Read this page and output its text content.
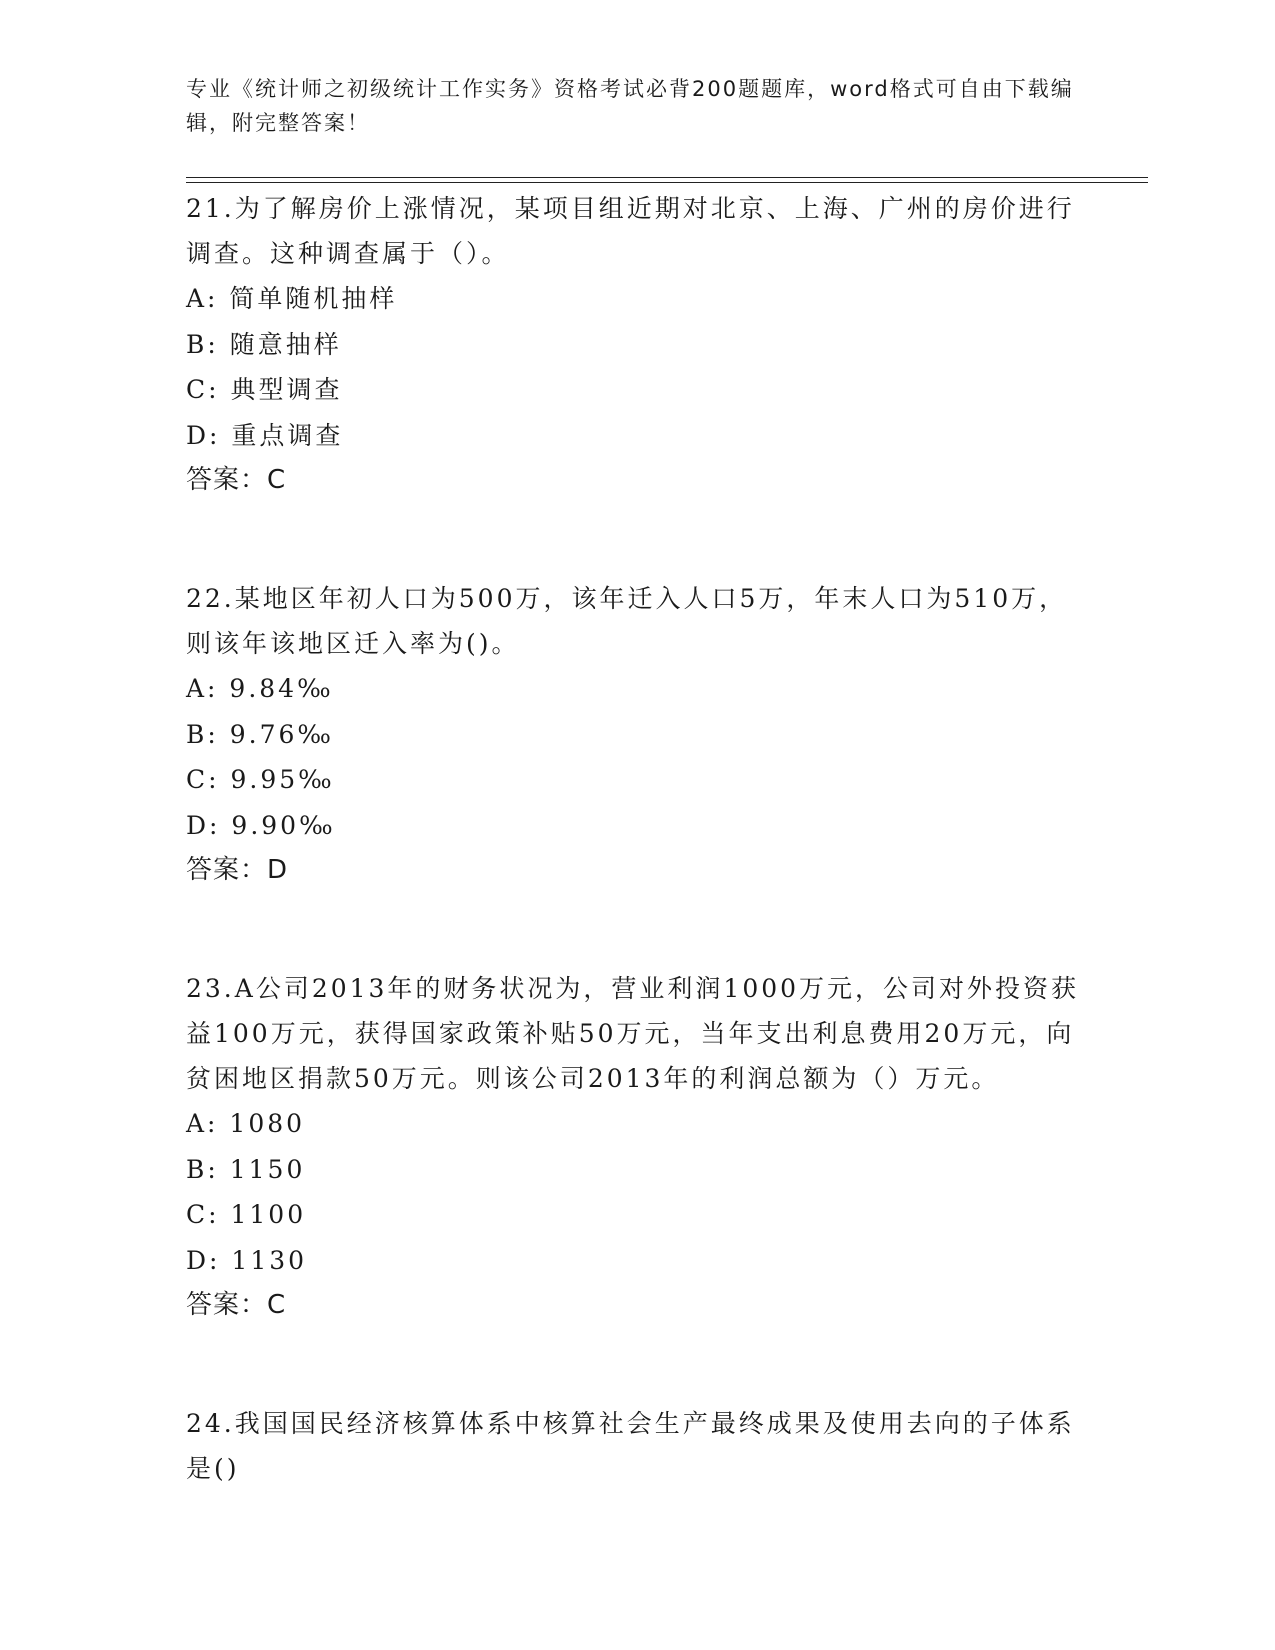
专业《统计师之初级统计工作实务》资格考试必背200题题库，word格式可自由下载编辑，附完整答案！

21.为了解房价上涨情况，某项目组近期对北京、上海、广州的房价进行调查。这种调查属于（）。

A: 简单随机抽样

B: 随意抽样

C: 典型调查

D: 重点调查

答案：C

22.某地区年初人口为500万，该年迁入人口5万，年末人口为510万，则该年该地区迁入率为()。

A: 9.84‰

B: 9.76‰

C: 9.95‰

D: 9.90‰

答案：D

23.A公司2013年的财务状况为，营业利润1000万元，公司对外投资获益100万元，获得国家政策补贴50万元，当年支出利息费用20万元，向贫困地区捐款50万元。则该公司2013年的利润总额为（）万元。

A: 1080

B: 1150

C: 1100

D: 1130

答案：C

24.我国国民经济核算体系中核算社会生产最终成果及使用去向的子体系是()
